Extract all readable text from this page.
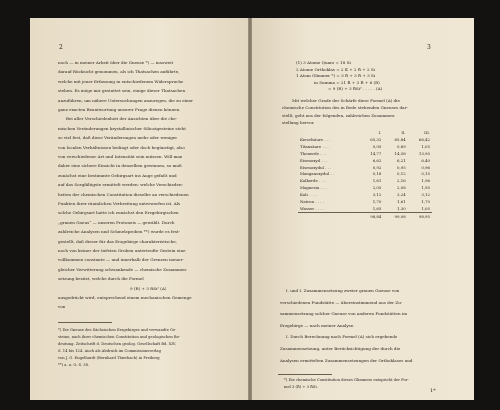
2
noch — in meiner Arbeit über die Gneuse *) — insoweit
darauf Rücksicht genommen, als ich Thatsachen anführte,
welche mit jener Erfassung in entschiedenem Widerspruche
stehen. Es möge mir gestattet sein, einige dieser Thatsachen
anzuführen, um nähere Untersuchungen anzuregen, die zu einer
ganz exacten Beantwortung unserer Frage dienen können.
Bei aller Verschiedenheit der Ansichten über die che-
mischen Veränderungen krystallinischer Silicatgesteine steht
so viel fest, daß diese Veränderungen mehr oder weniger
von localen Verhältnissen bedingt oder doch begünstigt, also
von verschiedener Art und Intensität sein müssen. Will man
daher eine sichere Einsicht in denselben gewinnen, so muß
zunächst eine bestimmte Gebirgsart ins Auge gefaßt und
auf das Sorgfältigste ermittelt werden: welche Verschieden-
heiten der chemischen Constitution dieselbe an verschiedenen
Punkten ihrer räumlichen Verbreitung unterworfen ist. Als
solche Gebirgsart hatte ich zunächst den Erzgebirgischen
„grauen Gneus“ — unseren Protoneis — gewählt. Durch
zahlreiche Analysen und Schmelzproben **) wurde es fest-
gestellt, daß dieser für das Erzgebirge charakteristische,
noch von keiner der tiefsten Gruben unterteufte Gestein eine
vollkommen constante — und innerhalb der Grenzen ineuer-
gleicher Verwitterung schwankende — chemische Zusammen-
setzung besitzt, welche durch die Formel
9 (R) + 3 RSi² (A)
ausgedrückt wird, entsprechend einem mechanischen Gemenge
von
*) Die Gneuse des Sächsischen Erzgebirges und verwandte Ge-
steine, nach ihrer chemischen Constitution und geologischen Be-
deutung. Zeitschrift d. Deutschen geolog. Gesellschaft Bd. XIV,
S. 14 bis 124. Auch als Abdruck im Commissionsverlag
von J. G. Engelhardt (Bernhard Thierbach) in Freiberg
**) a. a. O. S. 38.
3
(1) 3 Atome Quarz = 18 Si
2 Atome Orthoklas = 2 K̈ + 2 R̈ + 2 Si
1 Atom Glimmer *) = 3 R̈ + 3 R̈ + 3 Si
in Summa = 21 R̈ + 3 R̈ + 6 (R)
= 9 (R) + 3 R̈Si² . . . . . (A)
Mit welcher Grade der Schärfe diese Formel (A) die
chemische Constitution des in Rede stehenden Gneuses dar-
stellt, geht aus der folgenden, zahlreichen Zusammen-
stellung hervor.
	I.	II.	III.
Kieselsäure . . .	65,32	65,84	66,42
Titansäure . . .	0,95	0,89	1,05
Thonerde . . .	14,77	14,58	13,95
Eisenoxyd . . .	6,62	6,21	6,40
Eisenoxydul . . .	0,92	0,95	0,96
Manganoxydul . .	0,18	0,12	0,15
Kalkerde . . .	1,61	2,16	1,96
Magnesia . . .	2,05	2,08	1,95
Kali . . . .	3,12	3,24	3,12
Natron . . . .	1,70	1,61	1,70
Wasser . . . .	1,65	1,30	1,05
	98,84	99,08	98,95
I. und I. Zusammensetzung zweier grauen Gneuse von
verschiedenen Fundstätte — übereinstimmend aus der Zu-
sammensetzung solcher Gneuse von anderen Fundstätten im
Erzgebirge — nach meiner Analyse.
I. Durch Berechnung nach Formel (A) sich ergebende
Zusammensetzung, unter Berücksichtigung der durch die
Analysen ermittelten Zusammensetzungen der Orthoklases und
*) Die chemische Constitution dieses Glimmers entspricht der For-
mel 3 (R̈) + 3 R̈Si.
1*
